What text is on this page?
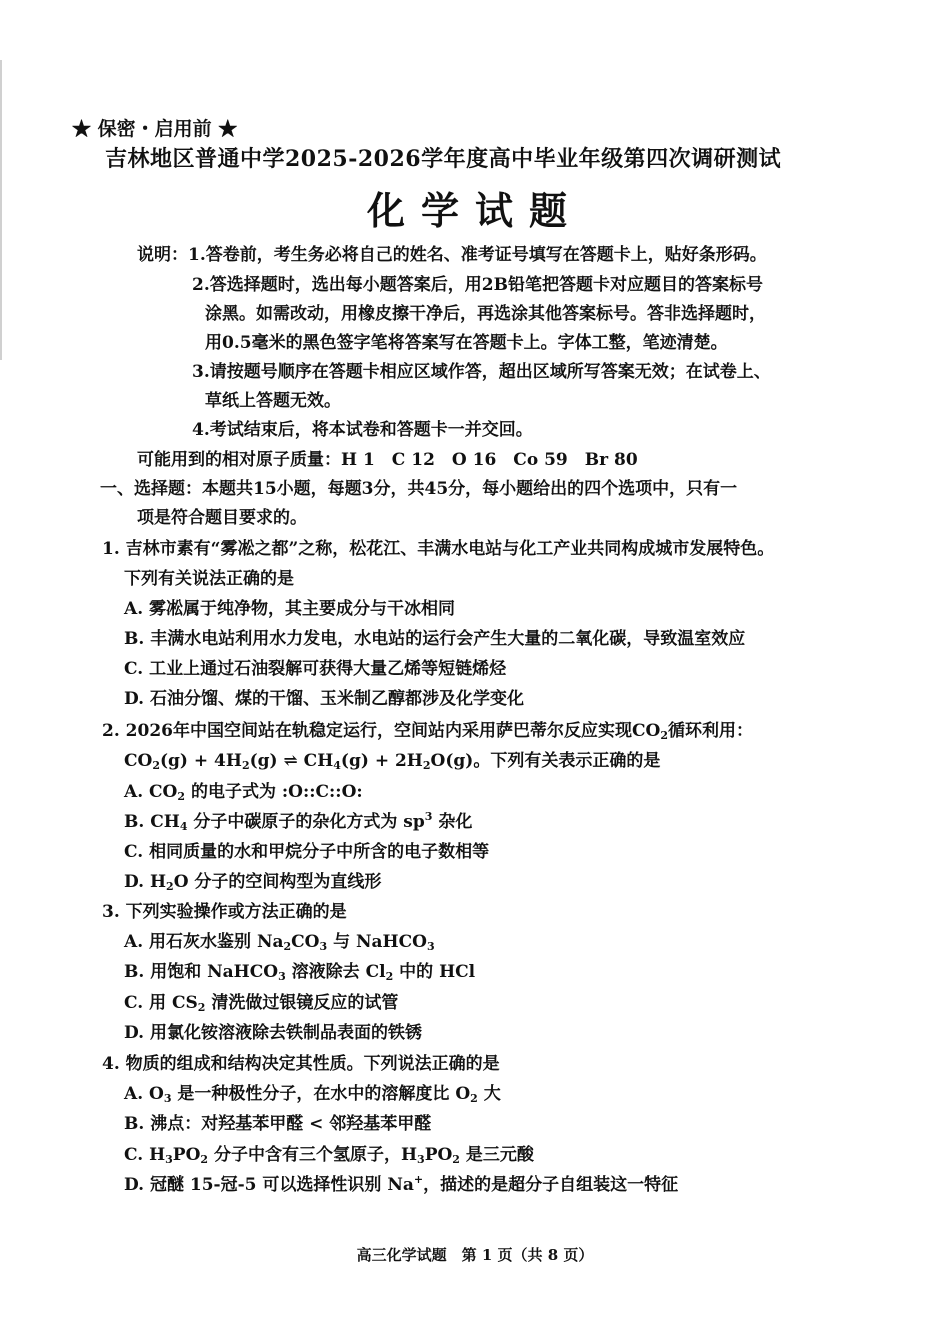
★ 保密・启用前 ★
吉林地区普通中学2025-2026学年度高中毕业年级第四次调研测试
化学试题
说明：1.答卷前，考生务必将自己的姓名、准考证号填写在答题卡上，贴好条形码。
2.答选择题时，选出每小题答案后，用2B铅笔把答题卡对应题目的答案标号
涂黑。如需改动，用橡皮擦干净后，再选涂其他答案标号。答非选择题时，
用0.5毫米的黑色签字笔将答案写在答题卡上。字体工整，笔迹清楚。
3.请按题号顺序在答题卡相应区域作答，超出区域所写答案无效；在试卷上、
草纸上答题无效。
4.考试结束后，将本试卷和答题卡一并交回。
可能用到的相对原子质量：H 1　C 12　O 16　Co 59　Br 80
一、选择题：本题共15小题，每题3分，共45分，每小题给出的四个选项中，只有一
项是符合题目要求的。
1. 吉林市素有“雾凇之都”之称，松花江、丰满水电站与化工产业共同构成城市发展特色。
下列有关说法正确的是
A. 雾凇属于纯净物，其主要成分与干冰相同
B. 丰满水电站利用水力发电，水电站的运行会产生大量的二氧化碳，导致温室效应
C. 工业上通过石油裂解可获得大量乙烯等短链烯烃
D. 石油分馏、煤的干馏、玉米制乙醇都涉及化学变化
2. 2026年中国空间站在轨稳定运行，空间站内采用萨巴蒂尔反应实现$CO_2$循环利用：
$CO_2(g) + 4H_2(g)$ ⇌ $CH_4(g) + 2H_2O(g)$。下列有关表示正确的是
A. $CO_2$ 的电子式为 :O::C::O:
B. $CH_4$ 分子中碳原子的杂化方式为 $sp^3$ 杂化
C. 相同质量的水和甲烷分子中所含的电子数相等
D. $H_2O$ 分子的空间构型为直线形
3. 下列实验操作或方法正确的是
A. 用石灰水鉴别 $Na_2CO_3$ 与 NaHCO$_3$
B. 用饱和 NaHCO$_3$ 溶液除去 $Cl_2$ 中的 HCl
C. 用 $CS_2$ 清洗做过银镜反应的试管
D. 用氯化铵溶液除去铁制品表面的铁锈
4. 物质的组成和结构决定其性质。下列说法正确的是
A. $O_3$ 是一种极性分子，在水中的溶解度比 $O_2$ 大
B. 沸点：对羟基苯甲醛 < 邻羟基苯甲醛
C. $H_3PO_2$ 分子中含有三个氢原子，$H_3PO_2$ 是三元酸
D. 冠醚 15-冠-5 可以选择性识别 Na+，描述的是超分子自组装这一特征
高三化学试题　第 1 页（共 8 页）
